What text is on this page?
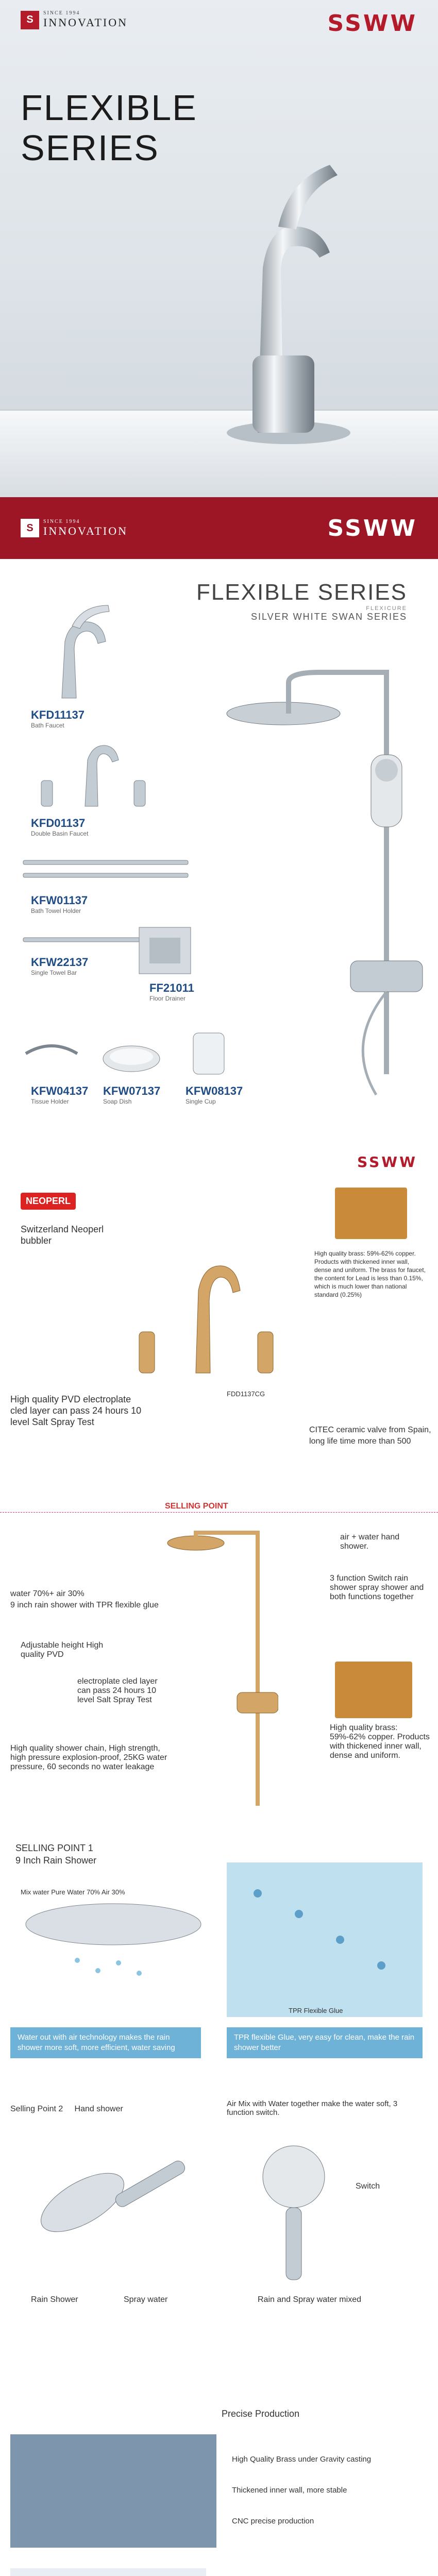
S
SINCE 1994
INNOVATION	SSWW
FLEXIBLE
SERIES
S
SINCE 1994
INNOVATION	SSWW
FLEXIBLE SERIES
FLEXICURE
SILVER WHITE SWAN SERIES
KFD11137
Bath Faucet
KFD01137
Double Basin Faucet
KFW01137
Bath Towel Holder
KFW22137
Single Towel Bar
FF21011
Floor Drainer
KFW04137
Tissue Holder
KFW07137
Soap Dish
KFW08137
Single Cup
SSWW
NEOPERL
Switzerland Neoperl bubbler
High quality brass: 59%-62% copper. Products with thickened inner wall, dense and uniform. The brass for faucet, the content for Lead is less than 0.15%, which is much lower than national standard (0.25%)
FDD1137CG
High quality PVD electroplate cled layer can pass 24 hours 10 level Salt Spray Test
CITEC ceramic valve from Spain, long life time more than 500
SELLING POINT
water 70%+ air 30%
9 inch rain shower with TPR flexible glue
air + water hand shower.
3 function Switch rain shower spray shower and both functions together
Adjustable height High quality PVD
electroplate cled layer can pass 24 hours 10 level Salt Spray Test
High quality brass: 59%-62% copper. Products with thickened inner wall, dense and uniform.
High quality shower chain, High strength, high pressure explosion-proof, 25KG water pressure, 60 seconds no water leakage
SELLING POINT 1
9 Inch Rain Shower
Mix water Pure Water 70% Air 30%
Water out with air technology makes the rain shower more soft, more efficient, water saving
TPR Flexible Glue
TPR flexible Glue, very easy for clean, make the rain shower better
Selling Point 2 Hand shower
Air Mix with Water together make the water soft, 3 function switch.
Rain Shower	Spray water
Switch
Rain and Spray water mixed
Precise Production
High Quality Brass under Gravity casting
Thickened inner wall, more stable
CNC precise production
